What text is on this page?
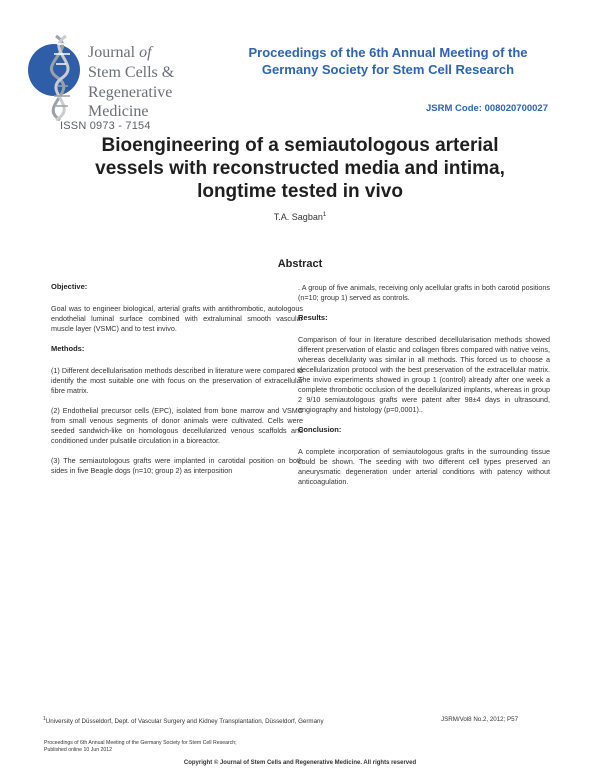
Journal of
Stem Cells &
Regenerative
Medicine
ISSN 0973 - 7154
Proceedings of the 6th Annual Meeting of the
Germany Society for Stem Cell Research
JSRM Code: 008020700027
Bioengineering of a semiautologous arterial
vessels with reconstructed media and intima,
longtime tested in vivo
T.A. Sagban$^1$
Abstract
Objective:

Goal was to engineer biological, arterial grafts with antithrombotic, autologous endothelial luminal surface combined with extraluminal smooth vascular muscle layer (VSMC) and to test invivo.

Methods:

(1) Different decellularisation methods described in literature were compared to identify the most suitable one with focus on the preservation of extracellular fibre matrix.

(2) Endothelial precursor cells (EPC), isolated from bone marrow and VSMC from small venous segments of donor animals were cultivated. Cells were seeded sandwich-like on homologous decellularized venous scaffolds and conditioned under pulsatile circulation in a bioreactor.

(3) The semiautologous grafts were implanted in carotidal position on both sides in five Beagle dogs (n=10; group 2) as interposition

. A group of five animals, receiving only acellular grafts in both carotid positions (n=10; group 1) served as controls.

Results:

Comparison of four in literature described decellularisation methods showed different preservation of elastic and collagen fibres compared with native veins, whereas decellularity was similar in all methods. This forced us to choose a decellularization protocol with the best preservation of the extracellular matrix. The invivo experiments showed in group 1 (control) already after one week a complete thrombotic occlusion of the decellularized implants, whereas in group 2 9/10 semiautologous grafts were patent after 98±4 days in ultrasound, angiography and histology (p=0,0001)..

Conclusion:

A complete incorporation of semiautologous grafts in the surrounding tissue could be shown. The seeding with two different cell types preserved an aneurysmatic degeneration under arterial conditions with patency without anticoagulation.

$^1$University of Düsseldorf, Dept. of Vascular Surgery and Kidney Transplantation, Düsseldorf, Germany	JSRM/Vol8 No.2, 2012; P57
Proceedings of 6th Annual Meeting of the Germany Society for Stem Cell Research;
Published online 10 Jun 2012
Copyright © Journal of Stem Cells and Regenerative Medicine. All rights reserved
